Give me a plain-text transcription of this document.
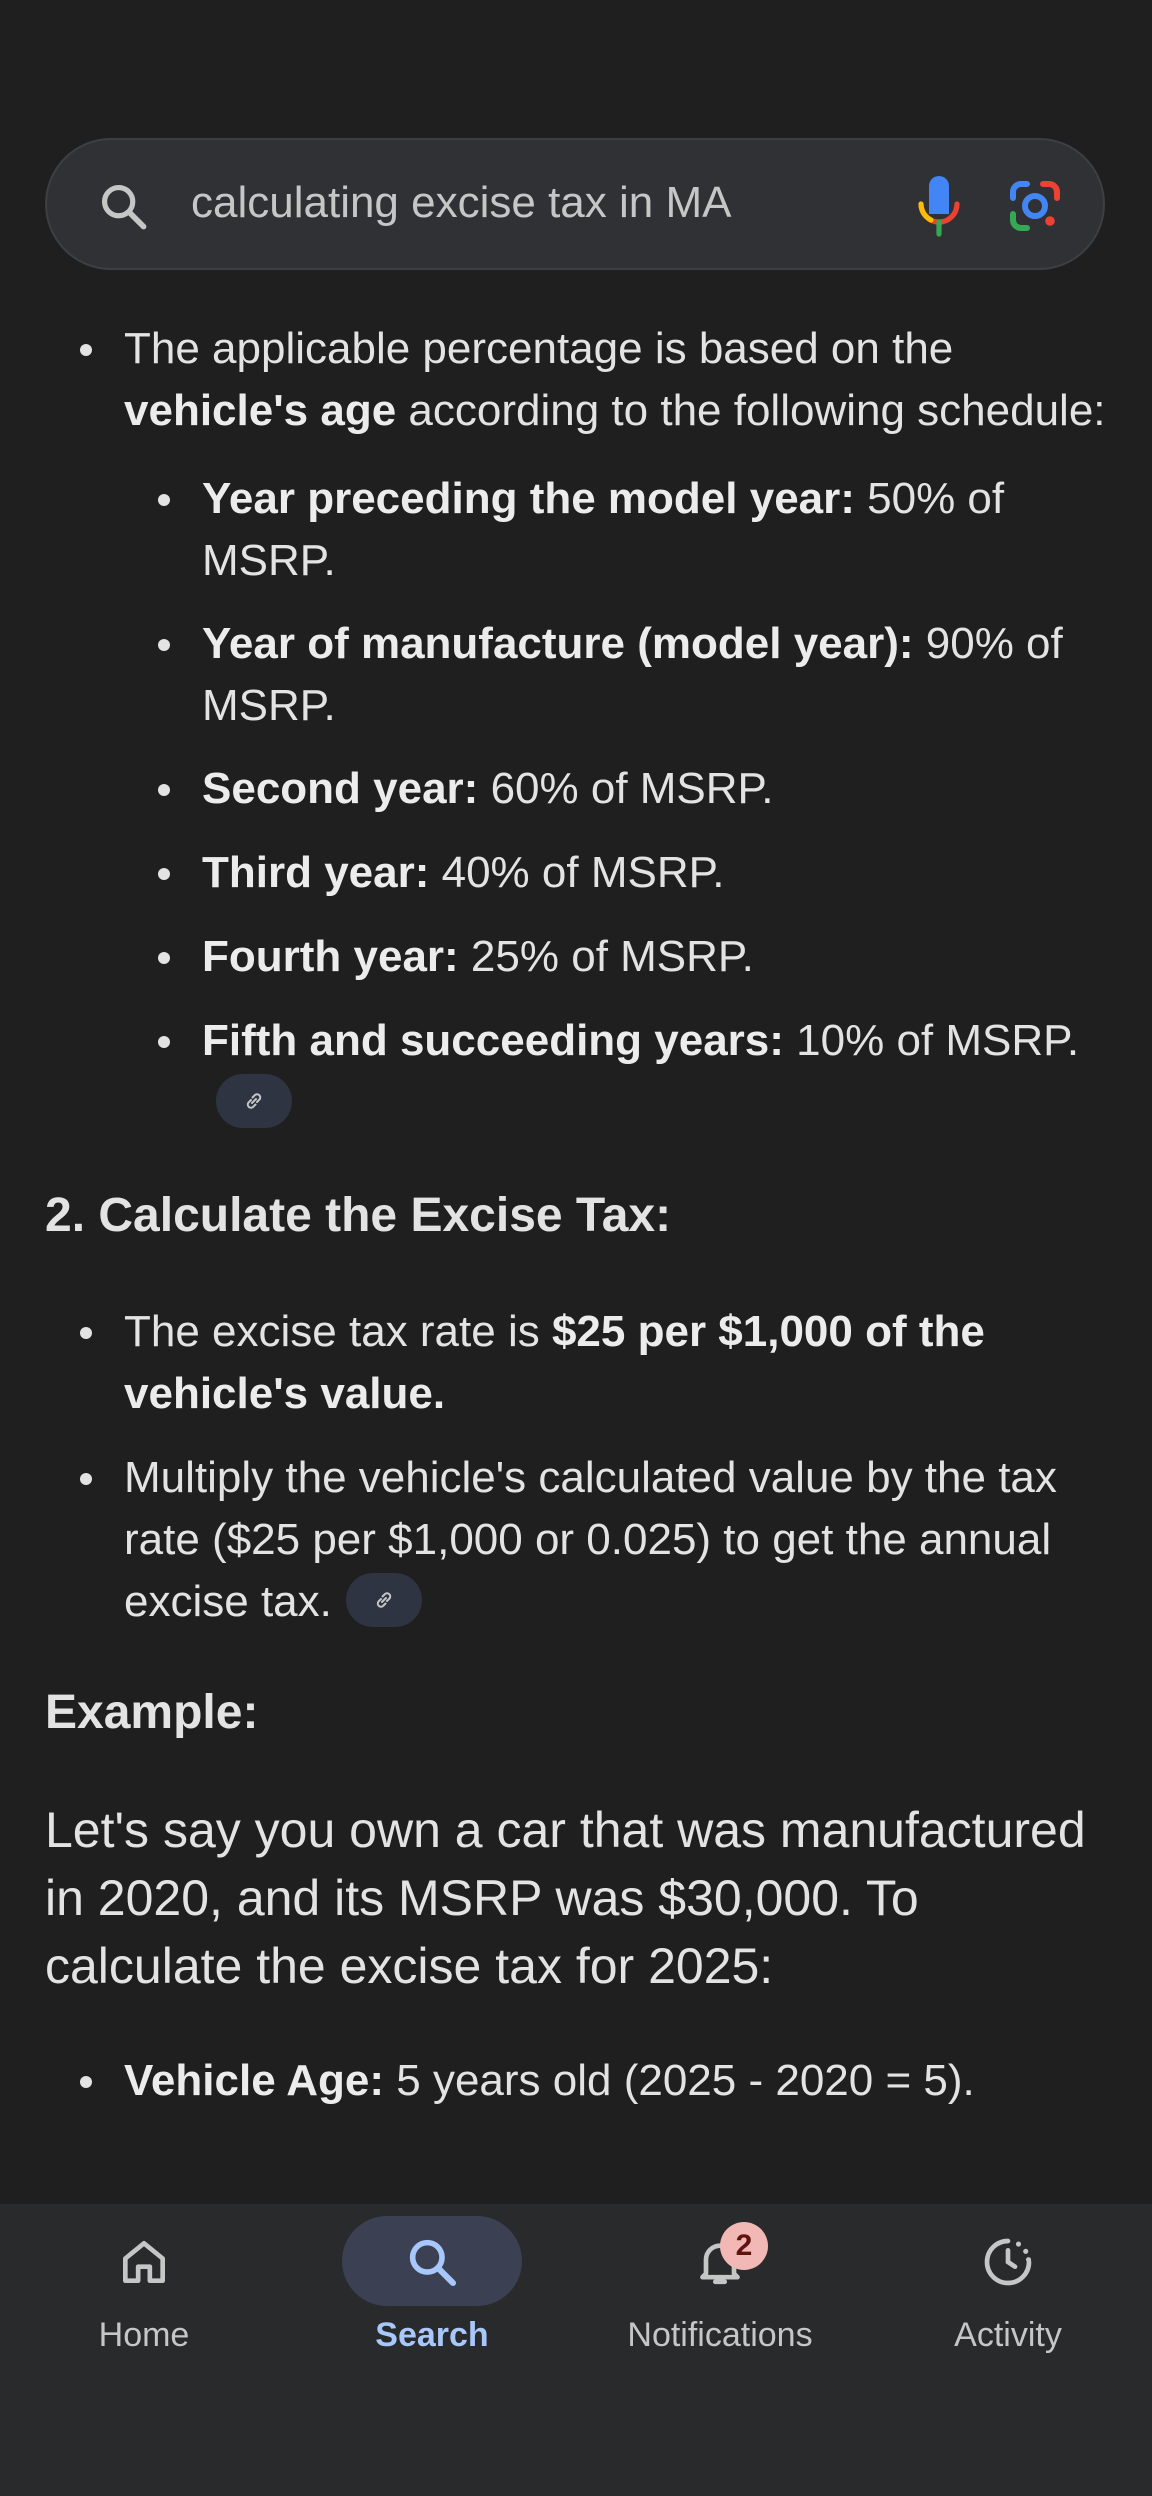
calculating excise tax in MA
The applicable percentage is based on the vehicle's age according to the following schedule:
Year preceding the model year: 50% of MSRP.
Year of manufacture (model year): 90% of MSRP.
Second year: 60% of MSRP.
Third year: 40% of MSRP.
Fourth year: 25% of MSRP.
Fifth and succeeding years: 10% of MSRP.
2. Calculate the Excise Tax:
The excise tax rate is $25 per $1,000 of the vehicle's value.
Multiply the vehicle's calculated value by the tax rate ($25 per $1,000 or 0.025) to get the annual excise tax.
Example:
Let's say you own a car that was manufactured in 2020, and its MSRP was $30,000. To calculate the excise tax for 2025:
Vehicle Age: 5 years old (2025 - 2020 = 5).
Home	Search	Notifications
2
Activity
